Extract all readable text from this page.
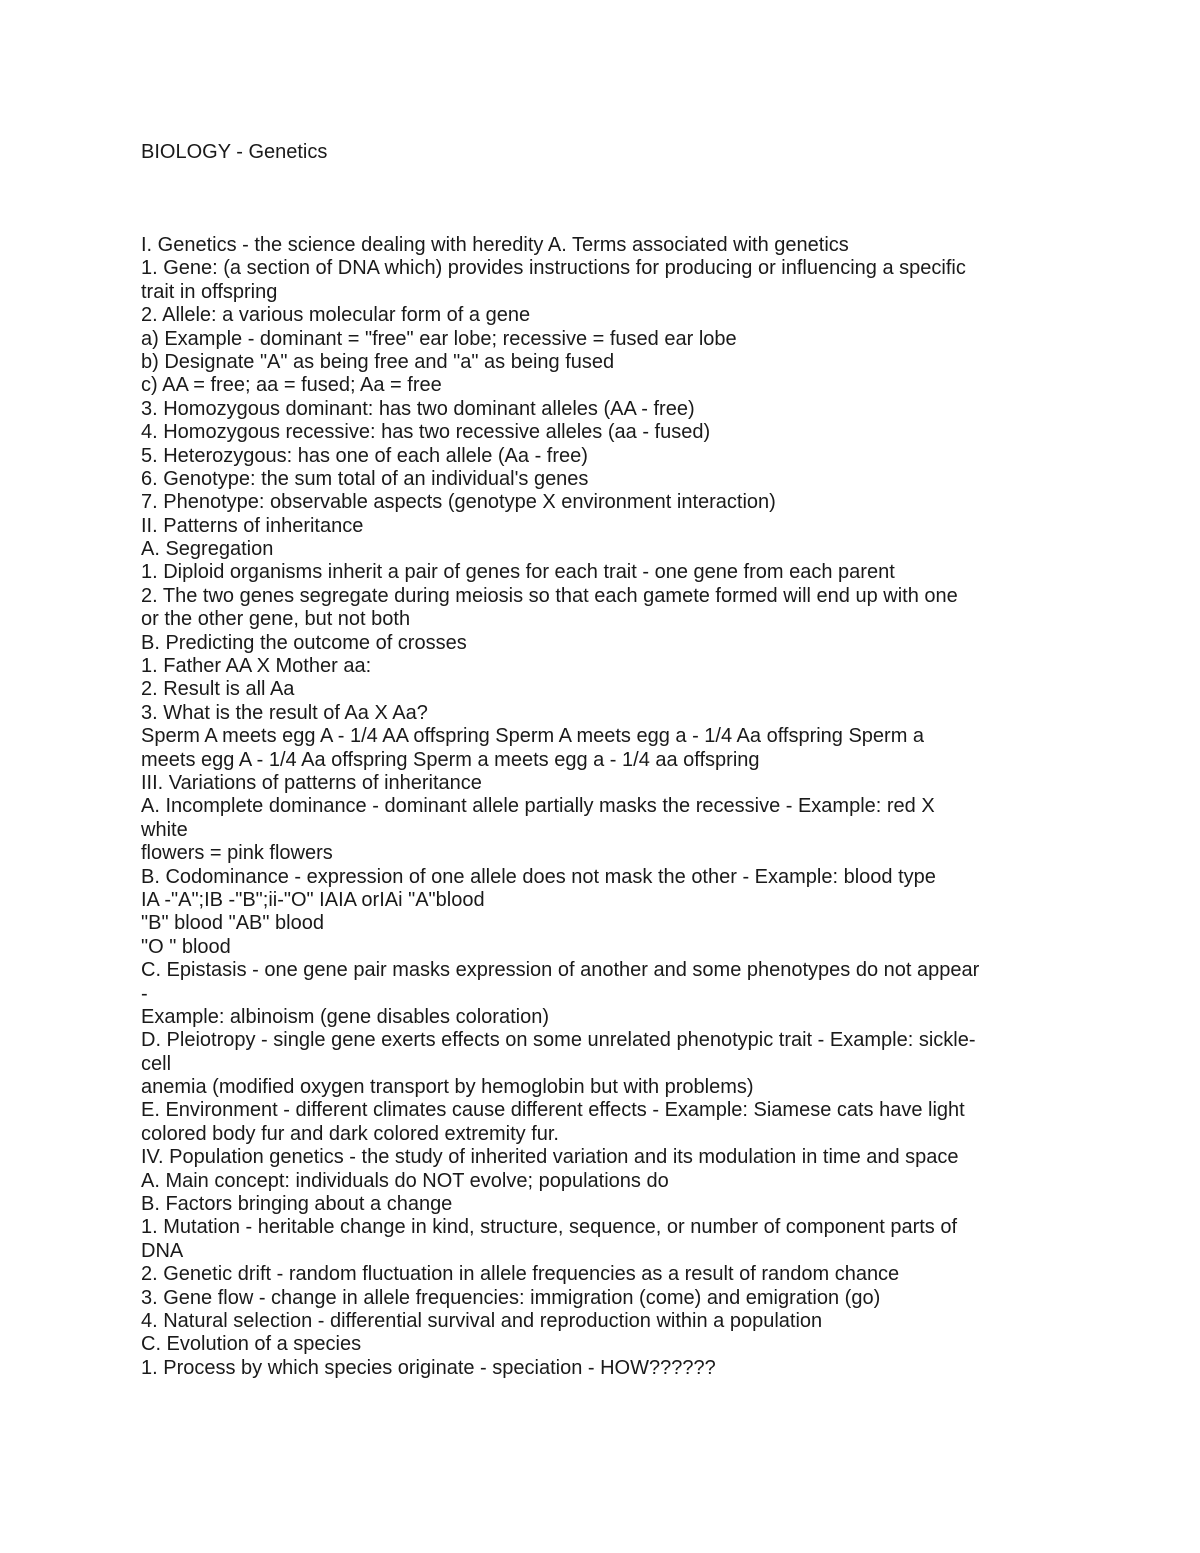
BIOLOGY - Genetics
I. Genetics - the science dealing with heredity A. Terms associated with genetics
1. Gene: (a section of DNA which) provides instructions for producing or influencing a specific
trait in offspring
2. Allele: a various molecular form of a gene
a) Example - dominant = "free" ear lobe; recessive = fused ear lobe
b) Designate "A" as being free and "a" as being fused
c) AA = free; aa = fused; Aa = free
3. Homozygous dominant: has two dominant alleles (AA - free)
4. Homozygous recessive: has two recessive alleles (aa - fused)
5. Heterozygous: has one of each allele (Aa - free)
6. Genotype: the sum total of an individual's genes
7. Phenotype: observable aspects (genotype X environment interaction)
II. Patterns of inheritance
A. Segregation
1. Diploid organisms inherit a pair of genes for each trait - one gene from each parent
2. The two genes segregate during meiosis so that each gamete formed will end up with one
or the other gene, but not both
B. Predicting the outcome of crosses
1. Father AA X Mother aa:
2. Result is all Aa
3. What is the result of Aa X Aa?
Sperm A meets egg A - 1/4 AA offspring Sperm A meets egg a - 1/4 Aa offspring Sperm a
meets egg A - 1/4 Aa offspring Sperm a meets egg a - 1/4 aa offspring
III. Variations of patterns of inheritance
A. Incomplete dominance - dominant allele partially masks the recessive - Example: red X
white
flowers = pink flowers
B. Codominance - expression of one allele does not mask the other - Example: blood type
IA -"A";IB -"B";ii-"O" IAIA orIAi "A"blood
"B" blood "AB" blood
"O " blood
C. Epistasis - one gene pair masks expression of another and some phenotypes do not appear
-
Example: albinoism (gene disables coloration)
D. Pleiotropy - single gene exerts effects on some unrelated phenotypic trait - Example: sickle-
cell
anemia (modified oxygen transport by hemoglobin but with problems)
E. Environment - different climates cause different effects - Example: Siamese cats have light
colored body fur and dark colored extremity fur.
IV. Population genetics - the study of inherited variation and its modulation in time and space
A. Main concept: individuals do NOT evolve; populations do
B. Factors bringing about a change
1. Mutation - heritable change in kind, structure, sequence, or number of component parts of
DNA
2. Genetic drift - random fluctuation in allele frequencies as a result of random chance
3. Gene flow - change in allele frequencies: immigration (come) and emigration (go)
4. Natural selection - differential survival and reproduction within a population
C. Evolution of a species
1. Process by which species originate - speciation - HOW??????
